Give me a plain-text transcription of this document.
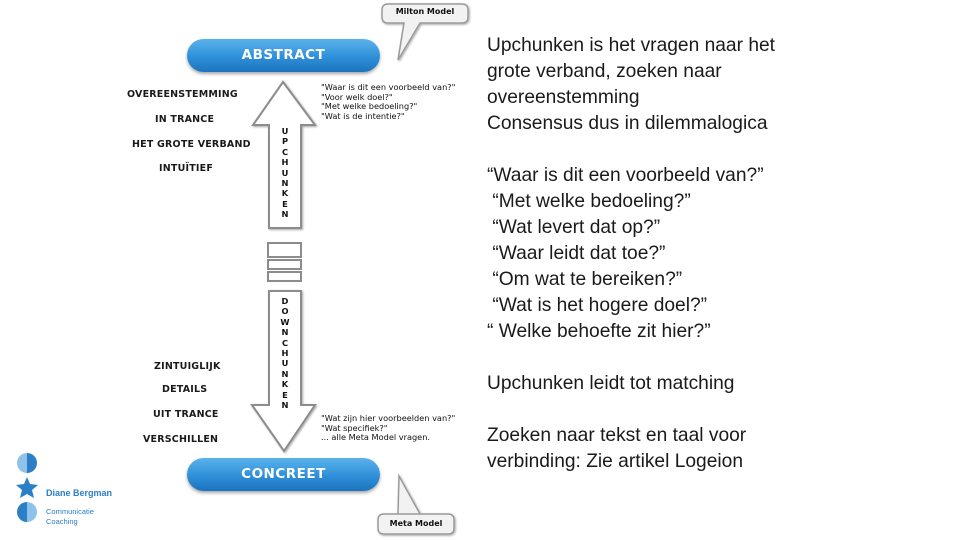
Milton Model
Meta Model
ABSTRACT
CONCREET
U
P
C
H
U
N
K
E
N
D
O
W
N
C
H
U
N
K
E
N
OVEREENSTEMMING
IN TRANCE
HET GROTE VERBAND
INTUÏTIEF
ZINTUIGLIJK
DETAILS
UIT TRANCE
VERSCHILLEN
"Waar is dit een voorbeeld van?"
"Voor welk doel?"
"Met welke bedoeling?"
"Wat is de intentie?"
"Wat zijn hier voorbeelden van?"
"Wat specifiek?"
... alle Meta Model vragen.
Diane Bergman
Communicatie
Coaching

Upchunken is het vragen naar het

grote verband, zoeken naar

overeenstemming

Consensus dus in dilemmalogica

“Waar is dit een voorbeeld van?”

“Met welke bedoeling?”

“Wat levert dat op?”

“Waar leidt dat toe?”

“Om wat te bereiken?”

“Wat is het hogere doel?”

“ Welke behoefte zit hier?”

Upchunken leidt tot matching

Zoeken naar tekst en taal voor

verbinding: Zie artikel Logeion
